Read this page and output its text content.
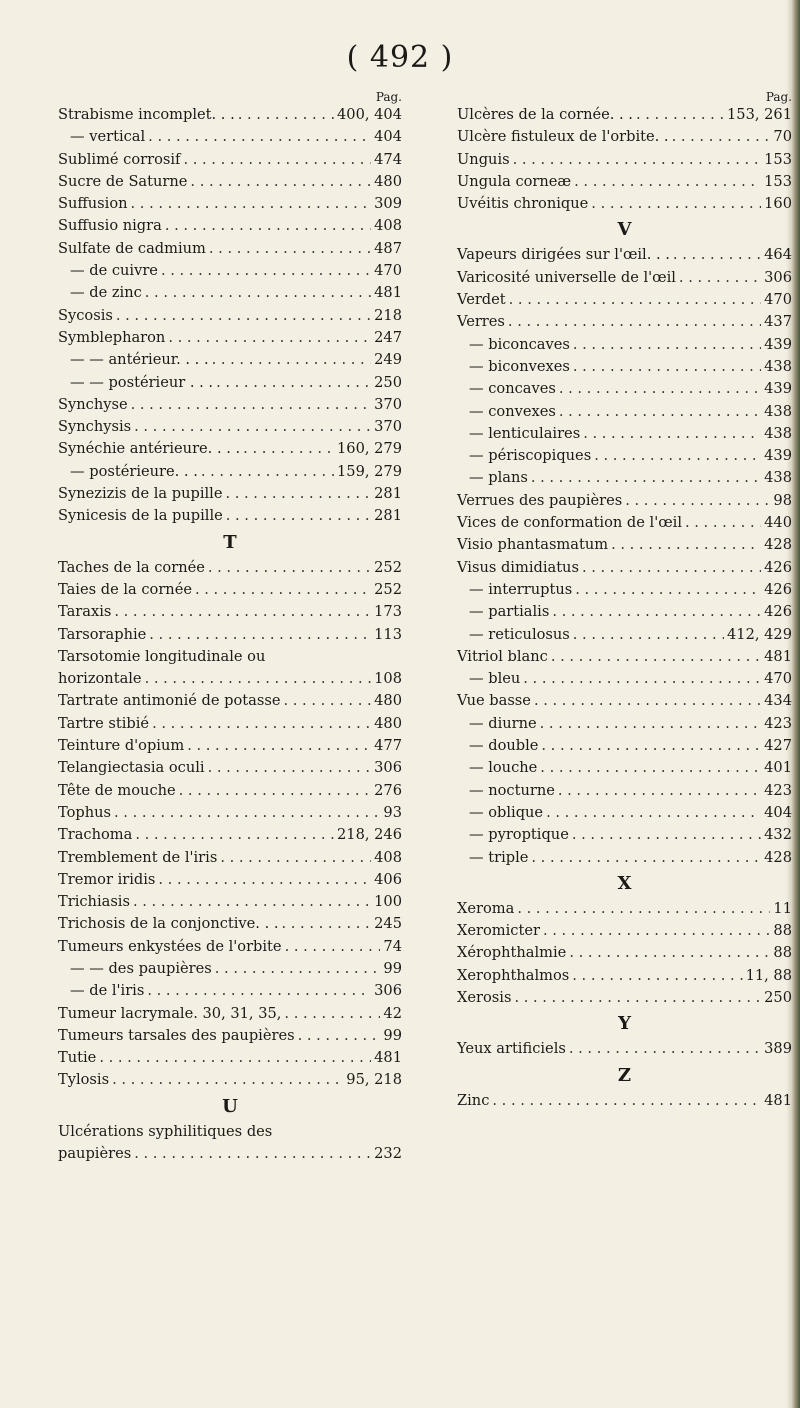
( 492 )
Pag.
Strabisme incomplet. . . . . .	400, 404
— vertical . . .	404
Sublimé corrosif . . .	474
Sucre de Saturne . . .	480
Suffusion . . .	309
Suffusio nigra . . .	408
Sulfate de cadmium . . .	487
— de cuivre . . .	470
— de zinc . . .	481
Sycosis . . .	218
Symblepharon . . .	247
— — antérieur. . . . . . .	249
— — postérieur . . . . . .	250
Synchyse . . .	370
Synchysis . . .	370
Synéchie antérieure. . . . . . .	160, 279
— postérieure. . . . . .	159, 279
Synezizis de la pupille . . .	281
Synicesis de la pupille . . .	281
T
Taches de la cornée . . .	252
Taies de la cornée . . .	252
Taraxis . . .	173
Tarsoraphie . . .	113
Tarsotomie longitudinale ou
horizontale . . .	108
Tartrate antimonié de potasse . . .	480
Tartre stibié . . .	480
Teinture d'opium . . .	477
Telangiectasia oculi . . .	306
Tête de mouche . . .	276
Tophus . . .	93
Trachoma . . .	218, 246
Tremblement de l'iris . . .	408
Tremor iridis . . .	406
Trichiasis . . .	100
Trichosis de la conjonctive. . . . . .	245
Tumeurs enkystées de l'orbite . . .	74
— — des paupières . . .	99
— de l'iris . . .	306
Tumeur lacrymale. 30, 31, 35, . . .	42
Tumeurs tarsales des paupières . . .	99
Tutie . . .	481
Tylosis . . .	95, 218
U
Ulcérations syphilitiques des
paupières . . .	232
Pag.
Ulcères de la cornée. . . . . .	153, 261
Ulcère fistuleux de l'orbite. . . . .	70
Unguis . . .	153
Ungula corneæ . . .	153
Uvéitis chronique . . .	160
V
Vapeurs dirigées sur l'œil. . . . . .	464
Varicosité universelle de l'œil . . .	306
Verdet . . .	470
Verres . . .	437
— biconcaves . . .	439
— biconvexes . . .	438
— concaves . . .	439
— convexes . . .	438
— lenticulaires . . .	438
— périscopiques . . .	439
— plans . . .	438
Verrues des paupières . . .	98
Vices de conformation de l'œil . . .	440
Visio phantasmatum . . .	428
Visus dimidiatus . . .	426
— interruptus . . .	426
— partialis . . .	426
— reticulosus . . .	412, 429
Vitriol blanc . . .	481
— bleu . . .	470
Vue basse . . .	434
— diurne . . .	423
— double . . .	427
— louche . . .	401
— nocturne . . .	423
— oblique . . .	404
— pyroptique . . .	432
— triple . . .	428
X
Xeroma . . .	11
Xeromicter . . .	88
Xérophthalmie . . .	88
Xerophthalmos . . .	11, 88
Xerosis . . .	250
Y
Yeux artificiels . . .	389
Z
Zinc . . .	481
